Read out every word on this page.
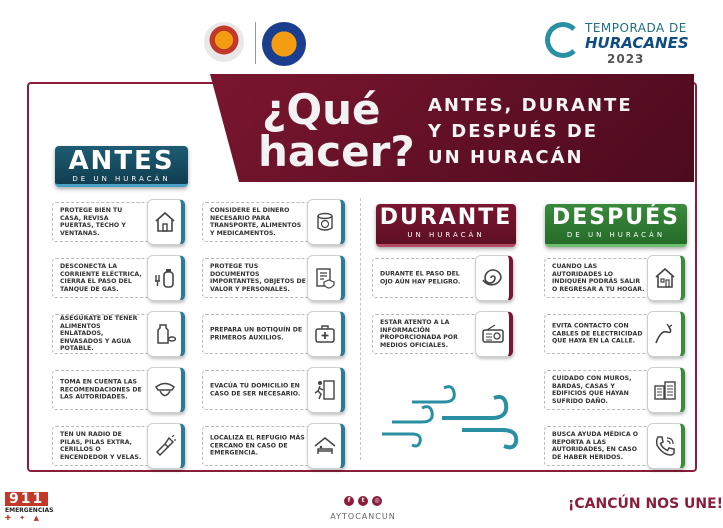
TEMPORADA DE
HURACANES
2023
¿Qué
hacer?
ANTES, DURANTE
Y DESPUÉS DE
UN HURACÁN
ANTES
DE UN HURACÁN
DURANTE
UN HURACÁN
DESPUÉS
DE UN HURACÁN
PROTEGE BIEN TU CASA, REVISA PUERTAS, TECHO Y VENTANAS.
DESCONECTA LA CORRIENTE ELÉCTRICA, CIERRA EL PASO DEL TANQUE DE GAS.
ASEGÚRATE DE TENER ALIMENTOS ENLATADOS, ENVASADOS Y AGUA POTABLE.
TOMA EN CUENTA LAS RECOMENDACIONES DE LAS AUTORIDADES.
TEN UN RADIO DE PILAS, PILAS EXTRA, CERILLOS O ENCENDEDOR Y VELAS.
CONSIDERE EL DINERO NECESARIO PARA TRANSPORTE, ALIMENTOS Y MEDICAMENTOS.
PROTEGE TUS DOCUMENTOS IMPORTANTES, OBJETOS DE VALOR Y PERSONALES.
PREPARA UN BOTIQUÍN DE PRIMEROS AUXILIOS.
EVACÚA TU DOMICILIO EN CASO DE SER NECESARIO.
LOCALIZA EL REFUGIO MÁS CERCANO EN CASO DE EMERGENCIA.
DURANTE EL PASO DEL OJO AÚN HAY PELIGRO.
ESTAR ATENTO A LA INFORMACIÓN PROPORCIONADA POR MEDIOS OFICIALES.
CUANDO LAS AUTORIDADES LO INDIQUEN PODRÁS SALIR O REGRESAR A TU HOGAR.
EVITA CONTACTO CON CABLES DE ELECTRICIDAD QUE HAYA EN LA CALLE.
CUIDADO CON MUROS, BARDAS, CASAS Y EDIFICIOS QUE HAYAN SUFRIDO DAÑO.
BUSCA AYUDA MÉDICA O REPORTA A LAS AUTORIDADES, EN CASO DE HABER HERIDOS.
911
EMERGENCIAS
✚ ✦ ▲
f	t	◎
AYTOCANCUN
¡CANCÚN NOS UNE!
